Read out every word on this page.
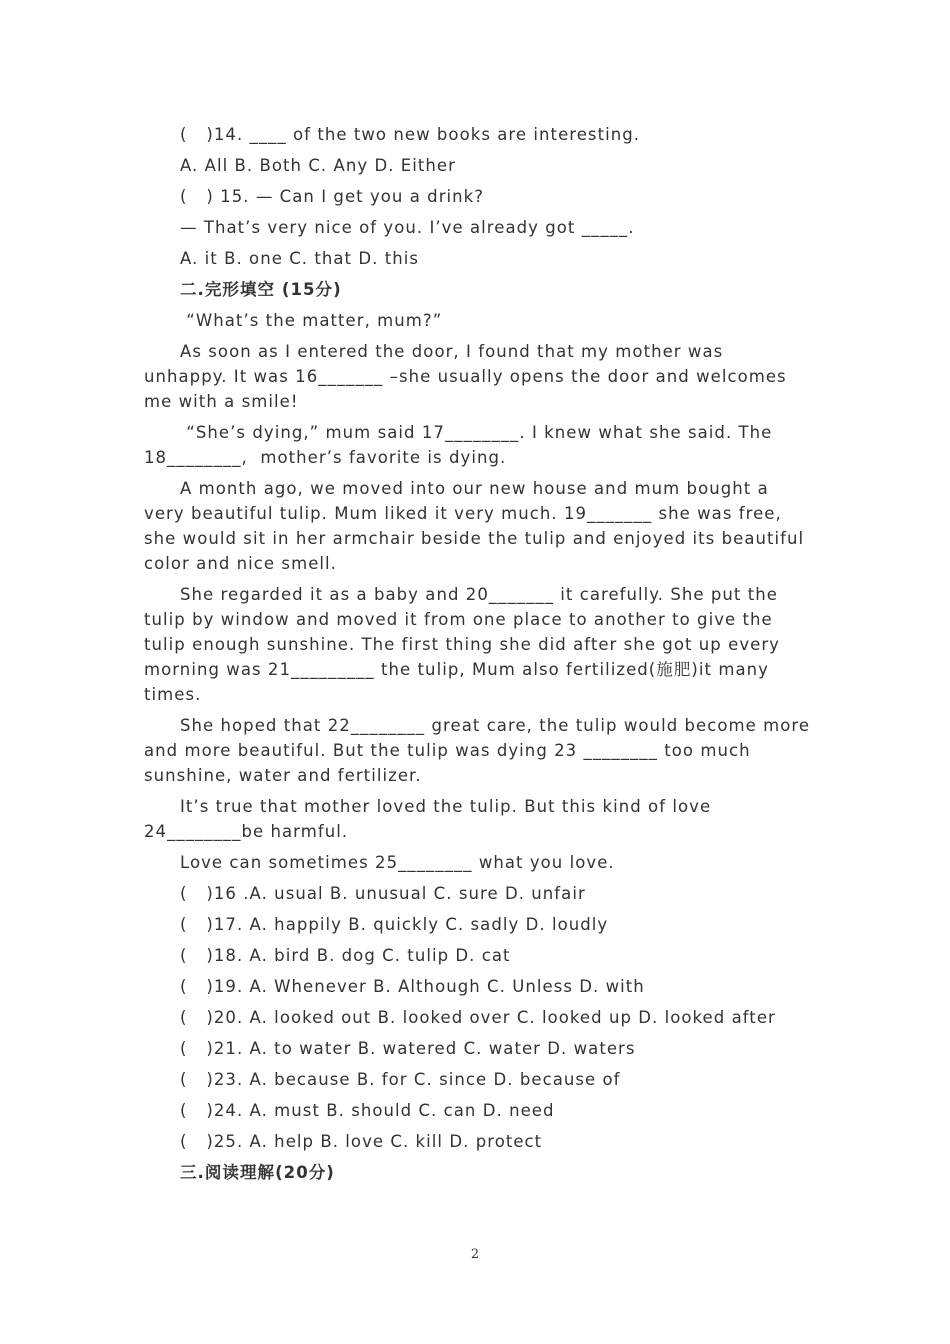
(   )14. ____ of the two new books are interesting.
A. All B. Both C. Any D. Either
(   ) 15. — Can I get you a drink?
— That’s very nice of you. I’ve already got _____.
A. it B. one C. that D. this
二.完形填空 (15分)
“What’s the matter, mum?”
As soon as I entered the door, I found that my mother was unhappy. It was 16_______ –she usually opens the door and welcomes me with a smile!
“She’s dying,” mum said 17________. I knew what she said. The 18________,  mother’s favorite is dying.
A month ago, we moved into our new house and mum bought a very beautiful tulip. Mum liked it very much. 19_______ she was free, she would sit in her armchair beside the tulip and enjoyed its beautiful color and nice smell.
She regarded it as a baby and 20_______ it carefully. She put the tulip by window and moved it from one place to another to give the tulip enough sunshine. The first thing she did after she got up every morning was 21_________ the tulip, Mum also fertilized(施肥)it many times.
She hoped that 22________ great care, the tulip would become more and more beautiful. But the tulip was dying 23 ________ too much sunshine, water and fertilizer.
It’s true that mother loved the tulip. But this kind of love 24________be harmful.
Love can sometimes 25________ what you love.
(   )16 .A. usual B. unusual C. sure D. unfair
(   )17. A. happily B. quickly C. sadly D. loudly
(   )18. A. bird B. dog C. tulip D. cat
(   )19. A. Whenever B. Although C. Unless D. with
(   )20. A. looked out B. looked over C. looked up D. looked after
(   )21. A. to water B. watered C. water D. waters
(   )23. A. because B. for C. since D. because of
(   )24. A. must B. should C. can D. need
(   )25. A. help B. love C. kill D. protect
三.阅读理解(20分)
2
